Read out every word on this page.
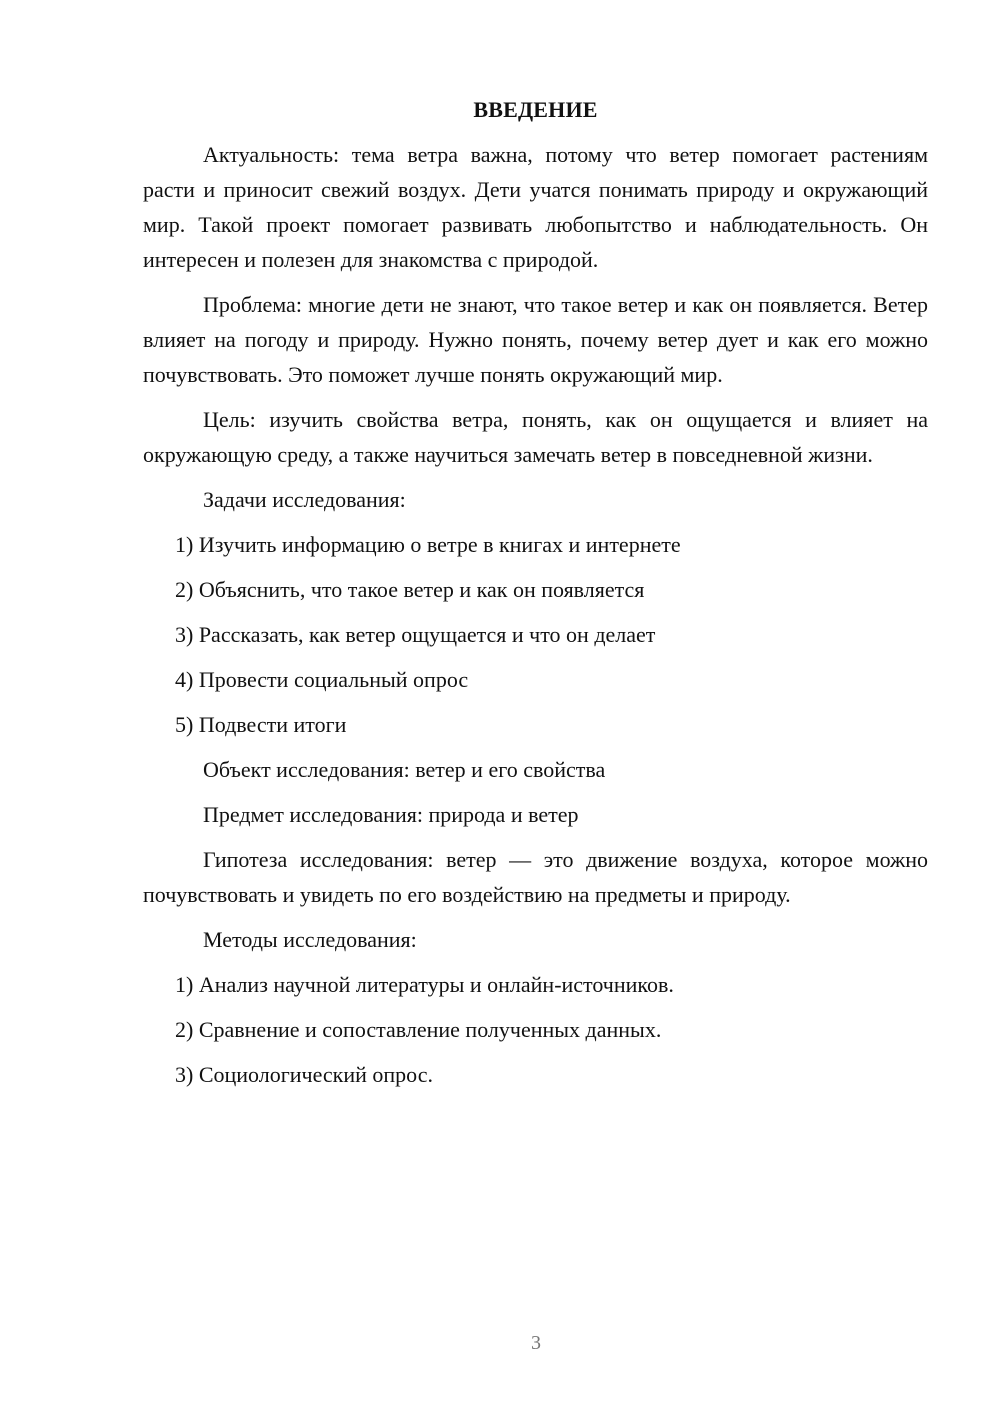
ВВЕДЕНИЕ

Актуальность: тема ветра важна, потому что ветер помогает растениям расти и приносит свежий воздух. Дети учатся понимать природу и окружающий мир. Такой проект помогает развивать любопытство и наблюдательность. Он интересен и полезен для знакомства с природой.

Проблема: многие дети не знают, что такое ветер и как он появляется. Ветер влияет на погоду и природу. Нужно понять, почему ветер дует и как его можно почувствовать. Это поможет лучше понять окружающий мир.

Цель: изучить свойства ветра, понять, как он ощущается и влияет на окружающую среду, а также научиться замечать ветер в повседневной жизни.

Задачи исследования:

1) Изучить информацию о ветре в книгах и интернете
2) Объяснить, что такое ветер и как он появляется
3) Рассказать, как ветер ощущается и что он делает
4) Провести социальный опрос
5) Подвести итоги

Объект исследования: ветер и его свойства

Предмет исследования: природа и ветер

Гипотеза исследования: ветер — это движение воздуха, которое можно почувствовать и увидеть по его воздействию на предметы и природу.

Методы исследования:

1) Анализ научной литературы и онлайн-источников.
2) Сравнение и сопоставление полученных данных.
3) Социологический опрос.
3
